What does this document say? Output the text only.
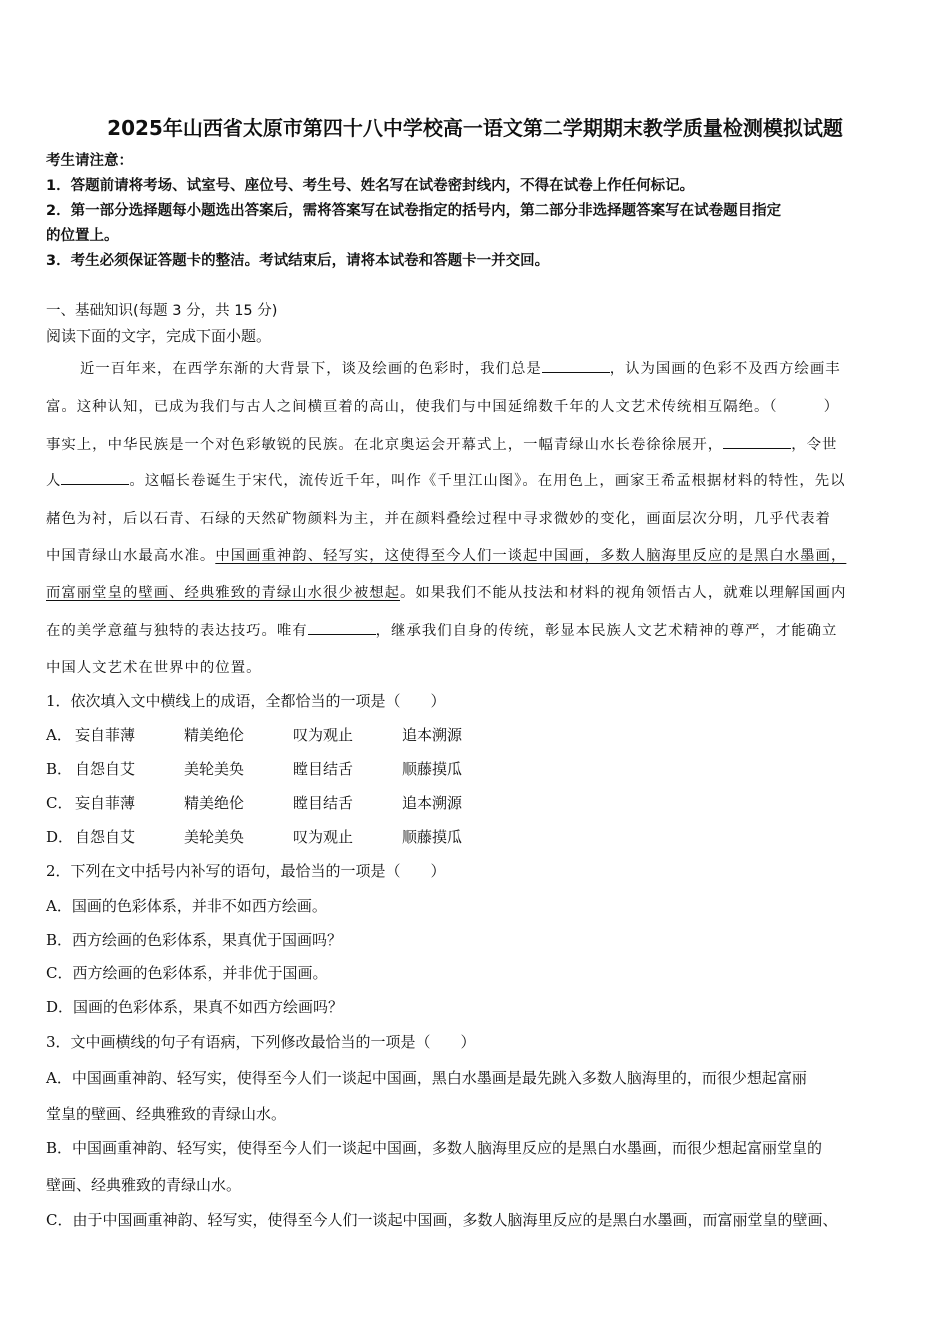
2025年山西省太原市第四十八中学校高一语文第二学期期末教学质量检测模拟试题
考生请注意：
1．答题前请将考场、试室号、座位号、考生号、姓名写在试卷密封线内，不得在试卷上作任何标记。
2．第一部分选择题每小题选出答案后，需将答案写在试卷指定的括号内，第二部分非选择题答案写在试卷题目指定
的位置上。
3．考生必须保证答题卡的整洁。考试结束后，请将本试卷和答题卡一并交回。
一、基础知识(每题 3 分，共 15 分)
阅读下面的文字，完成下面小题。
近一百年来，在西学东渐的大背景下，谈及绘画的色彩时，我们总是	，认为国画的色彩不及西方绘画丰
富。这种认知，已成为我们与古人之间横亘着的高山，使我们与中国延绵数千年的人文艺术传统相互隔绝。（　　　）
事实上，中华民族是一个对色彩敏锐的民族。在北京奥运会开幕式上，一幅青绿山水长卷徐徐展开，	，令世
人	。这幅长卷诞生于宋代，流传近千年，叫作《千里江山图》。在用色上，画家王希孟根据材料的特性，先以
赭色为衬，后以石青、石绿的天然矿物颜料为主，并在颜料叠绘过程中寻求微妙的变化，画面层次分明，几乎代表着
中国青绿山水最高水准。中国画重神韵、轻写实，这使得至今人们一谈起中国画，多数人脑海里反应的是黑白水墨画，
而富丽堂皇的壁画、经典雅致的青绿山水很少被想起。如果我们不能从技法和材料的视角领悟古人，就难以理解国画内
在的美学意蕴与独特的表达技巧。唯有	，继承我们自身的传统，彰显本民族人文艺术精神的尊严，才能确立
中国人文艺术在世界中的位置。
1．依次填入文中横线上的成语，全都恰当的一项是（　　）
A． 妄自菲薄	精美绝伦	叹为观止	追本溯源
B． 自怨自艾	美轮美奂	瞠目结舌	顺藤摸瓜
C． 妄自菲薄	精美绝伦	瞠目结舌	追本溯源
D． 自怨自艾	美轮美奂	叹为观止	顺藤摸瓜
2．下列在文中括号内补写的语句，最恰当的一项是（　　）
A．国画的色彩体系，并非不如西方绘画。
B．西方绘画的色彩体系，果真优于国画吗？
C．西方绘画的色彩体系，并非优于国画。
D．国画的色彩体系，果真不如西方绘画吗？
3．文中画横线的句子有语病，下列修改最恰当的一项是（　　）
A．中国画重神韵、轻写实，使得至今人们一谈起中国画，黑白水墨画是最先跳入多数人脑海里的，而很少想起富丽
堂皇的壁画、经典雅致的青绿山水。
B．中国画重神韵、轻写实，使得至今人们一谈起中国画，多数人脑海里反应的是黑白水墨画，而很少想起富丽堂皇的
壁画、经典雅致的青绿山水。
C．由于中国画重神韵、轻写实，使得至今人们一谈起中国画，多数人脑海里反应的是黑白水墨画，而富丽堂皇的壁画、
